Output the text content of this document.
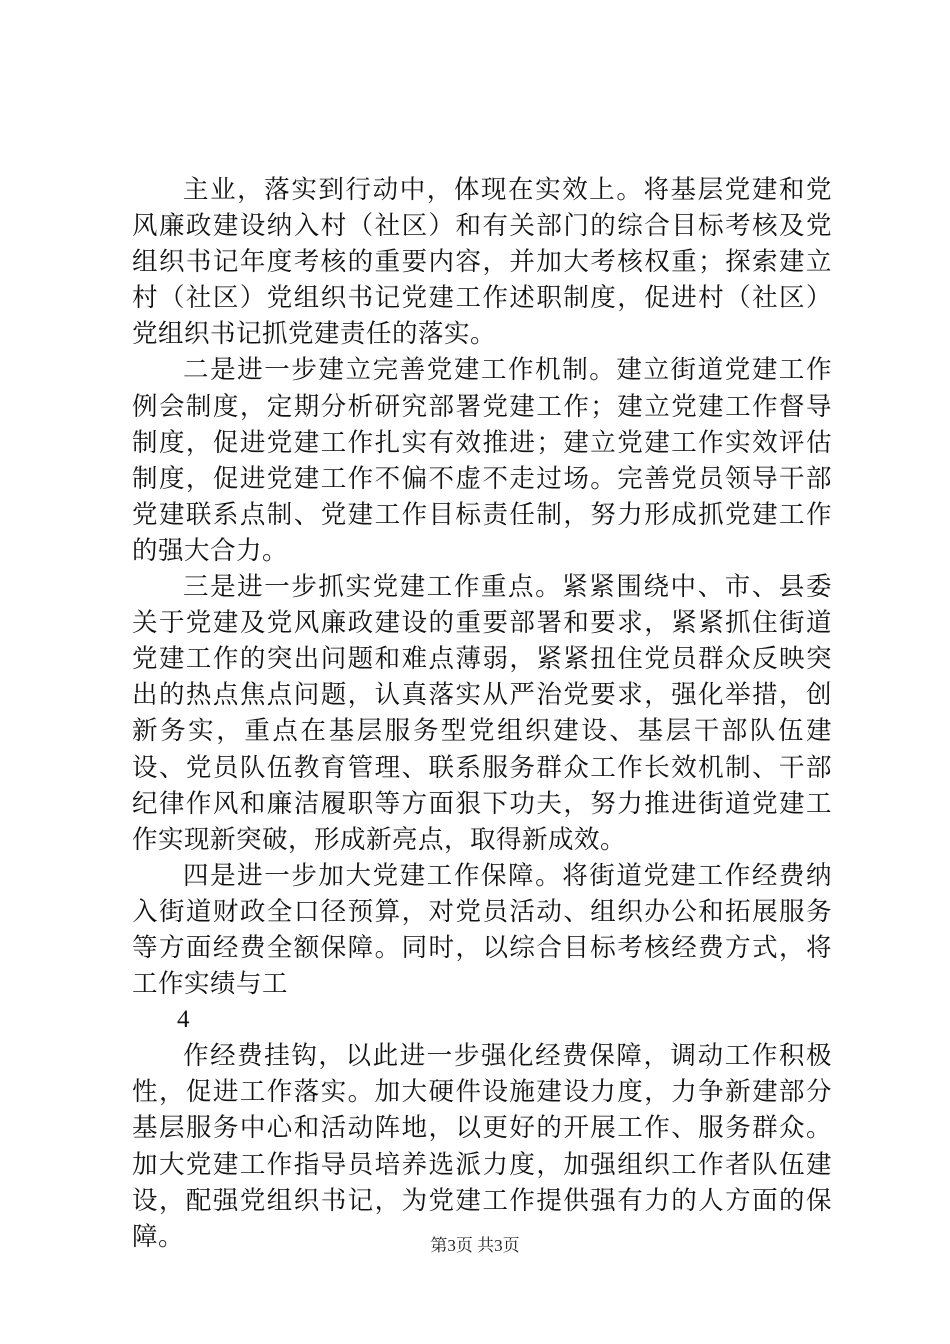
主业，落实到行动中，体现在实效上。将基层党建和党风廉政建设纳入村（社区）和有关部门的综合目标考核及党组织书记年度考核的重要内容，并加大考核权重；探索建立村（社区）党组织书记党建工作述职制度，促进村（社区）党组织书记抓党建责任的落实。

二是进一步建立完善党建工作机制。建立街道党建工作例会制度，定期分析研究部署党建工作；建立党建工作督导制度，促进党建工作扎实有效推进；建立党建工作实效评估制度，促进党建工作不偏不虚不走过场。完善党员领导干部党建联系点制、党建工作目标责任制，努力形成抓党建工作的强大合力。

三是进一步抓实党建工作重点。紧紧围绕中、市、县委关于党建及党风廉政建设的重要部署和要求，紧紧抓住街道党建工作的突出问题和难点薄弱，紧紧扭住党员群众反映突出的热点焦点问题，认真落实从严治党要求，强化举措，创新务实，重点在基层服务型党组织建设、基层干部队伍建设、党员队伍教育管理、联系服务群众工作长效机制、干部纪律作风和廉洁履职等方面狠下功夫，努力推进街道党建工作实现新突破，形成新亮点，取得新成效。

四是进一步加大党建工作保障。将街道党建工作经费纳入街道财政全口径预算，对党员活动、组织办公和拓展服务等方面经费全额保障。同时，以综合目标考核经费方式，将工作实绩与工

4

作经费挂钩，以此进一步强化经费保障，调动工作积极性，促进工作落实。加大硬件设施建设力度，力争新建部分基层服务中心和活动阵地，以更好的开展工作、服务群众。加大党建工作指导员培养选派力度，加强组织工作者队伍建设，配强党组织书记，为党建工作提供强有力的人方面的保障。	第3页 共3页
